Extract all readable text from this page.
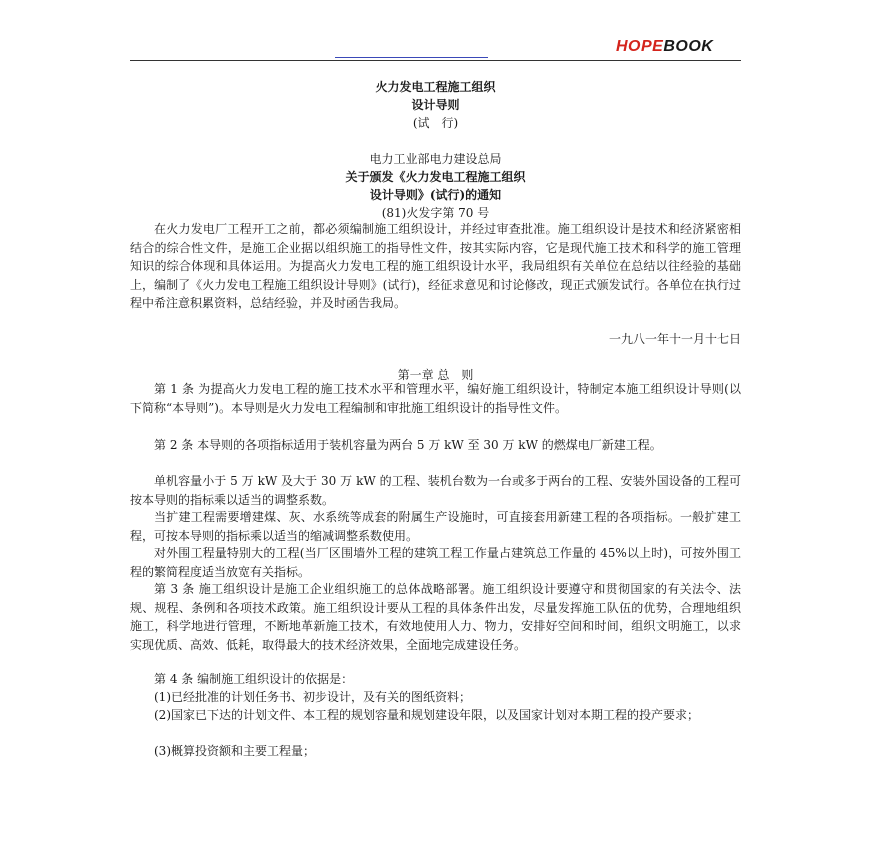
HOPEBOOK
火力发电工程施工组织
设计导则
(试　行)
电力工业部电力建设总局
关于颁发《火力发电工程施工组织
设计导则》(试行)的通知
(81)火发字第 70 号

在火力发电厂工程开工之前，都必须编制施工组织设计，并经过审查批准。施工组织设计是技术和经济紧密相结合的综合性文件，是施工企业据以组织施工的指导性文件，按其实际内容，它是现代施工技术和科学的施工管理知识的综合体现和具体运用。为提高火力发电工程的施工组织设计水平，我局组织有关单位在总结以往经验的基础上，编制了《火力发电工程施工组织设计导则》(试行)，经征求意见和讨论修改，现正式颁发试行。各单位在执行过程中希注意积累资料，总结经验，并及时函告我局。

一九八一年十一月十七日
第一章 总　则

第 1 条 为提高火力发电工程的施工技术水平和管理水平，编好施工组织设计，特制定本施工组织设计导则(以下简称“本导则”)。本导则是火力发电工程编制和审批施工组织设计的指导性文件。

第 2 条 本导则的各项指标适用于装机容量为两台 5 万 kW 至 30 万 kW 的燃煤电厂新建工程。

单机容量小于 5 万 kW 及大于 30 万 kW 的工程、装机台数为一台或多于两台的工程、安装外国设备的工程可按本导则的指标乘以适当的调整系数。

当扩建工程需要增建煤、灰、水系统等成套的附属生产设施时，可直接套用新建工程的各项指标。一般扩建工程，可按本导则的指标乘以适当的缩减调整系数使用。

对外围工程量特别大的工程(当厂区围墙外工程的建筑工程工作量占建筑总工作量的 45%以上时)，可按外围工程的繁简程度适当放宽有关指标。

第 3 条 施工组织设计是施工企业组织施工的总体战略部署。施工组织设计要遵守和贯彻国家的有关法令、法规、规程、条例和各项技术政策。施工组织设计要从工程的具体条件出发，尽量发挥施工队伍的优势，合理地组织施工，科学地进行管理，不断地革新施工技术，有效地使用人力、物力，安排好空间和时间，组织文明施工，以求实现优质、高效、低耗，取得最大的技术经济效果，全面地完成建设任务。

第 4 条 编制施工组织设计的依据是：

(1)已经批准的计划任务书、初步设计，及有关的图纸资料；

(2)国家已下达的计划文件、本工程的规划容量和规划建设年限，以及国家计划对本期工程的投产要求；

(3)概算投资额和主要工程量；
